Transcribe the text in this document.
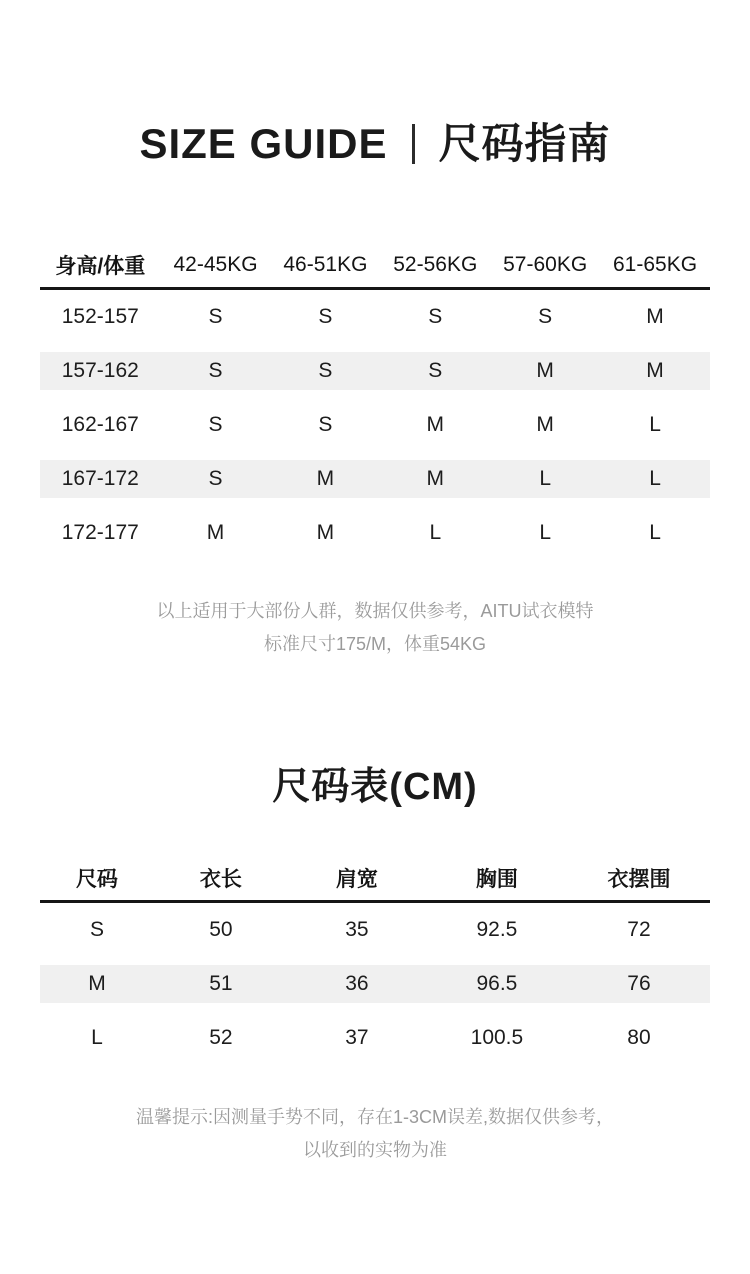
SIZE GUIDE 尺码指南
身高/体重	42-45KG	46-51KG	52-56KG	57-60KG	61-65KG
152-157	S	S	S	S	M
157-162	S	S	S	M	M
162-167	S	S	M	M	L
167-172	S	M	M	L	L
172-177	M	M	L	L	L
以上适用于大部份人群，数据仅供参考，AITU试衣模特
标准尺寸175/M，体重54KG
尺码表(CM)
尺码	衣长	肩宽	胸围	衣摆围
S	50	35	92.5	72
M	51	36	96.5	76
L	52	37	100.5	80
温馨提示:因测量手势不同，存在1-3CM误差,数据仅供参考，
以收到的实物为准
